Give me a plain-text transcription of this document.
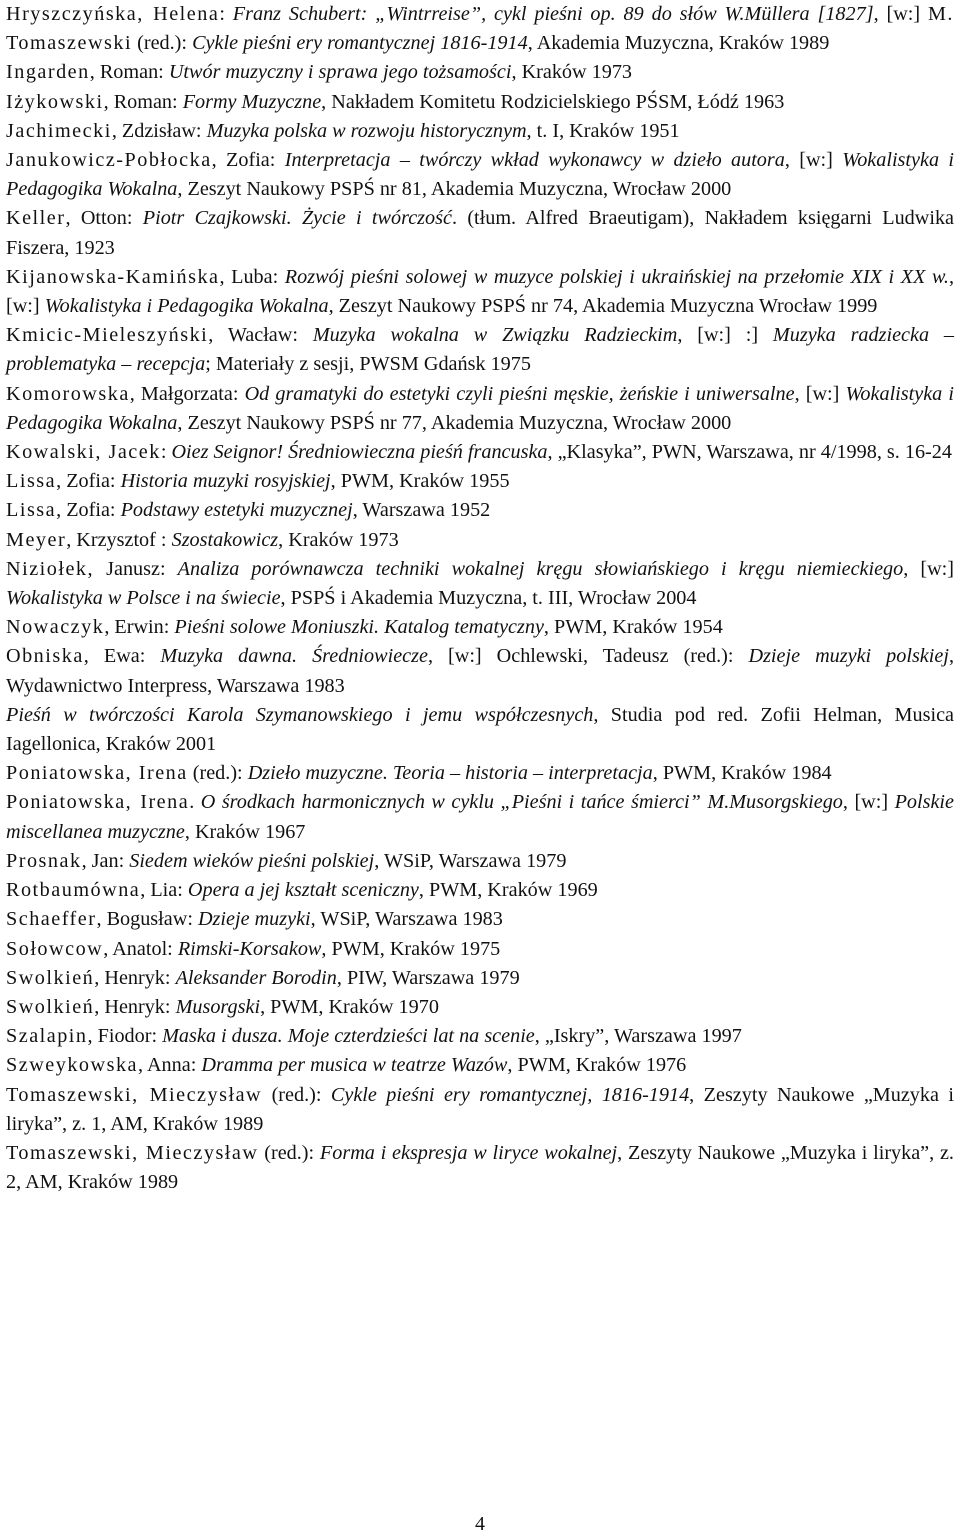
Hryszczyńska, Helena: Franz Schubert: „Wintrreise”, cykl pieśni op. 89 do słów W.Müllera [1827], [w:] M. Tomaszewski (red.): Cykle pieśni ery romantycznej 1816-1914, Akademia Muzyczna, Kraków 1989

Ingarden, Roman: Utwór muzyczny i sprawa jego tożsamości, Kraków 1973

Iżykowski, Roman: Formy Muzyczne, Nakładem Komitetu Rodzicielskiego PŚSM, Łódź 1963

Jachimecki, Zdzisław: Muzyka polska w rozwoju historycznym, t. I, Kraków 1951

Janukowicz-Pobłocka, Zofia: Interpretacja – twórczy wkład wykonawcy w dzieło autora, [w:] Wokalistyka i Pedagogika Wokalna, Zeszyt Naukowy PSPŚ nr 81, Akademia Muzyczna, Wrocław 2000

Keller, Otton: Piotr Czajkowski. Życie i twórczość. (tłum. Alfred Braeutigam), Nakładem księgarni Ludwika Fiszera, 1923

Kijanowska-Kamińska, Luba: Rozwój pieśni solowej w muzyce polskiej i ukraińskiej na przełomie XIX i XX w., [w:] Wokalistyka i Pedagogika Wokalna, Zeszyt Naukowy PSPŚ nr 74, Akademia Muzyczna Wrocław 1999

Kmicic-Mieleszyński, Wacław: Muzyka wokalna w Związku Radzieckim, [w:] :] Muzyka radziecka – problematyka – recepcja; Materiały z sesji, PWSM Gdańsk 1975

Komorowska, Małgorzata: Od gramatyki do estetyki czyli pieśni męskie, żeńskie i uniwersalne, [w:] Wokalistyka i Pedagogika Wokalna, Zeszyt Naukowy PSPŚ nr 77, Akademia Muzyczna, Wrocław 2000

Kowalski, Jacek: Oiez Seignor! Średniowieczna pieśń francuska, „Klasyka”, PWN, Warszawa, nr 4/1998, s. 16-24

Lissa, Zofia: Historia muzyki rosyjskiej, PWM, Kraków 1955

Lissa, Zofia: Podstawy estetyki muzycznej, Warszawa 1952

Meyer, Krzysztof : Szostakowicz, Kraków 1973

Niziołek, Janusz: Analiza porównawcza techniki wokalnej kręgu słowiańskiego i kręgu niemieckiego, [w:] Wokalistyka w Polsce i na świecie, PSPŚ i Akademia Muzyczna, t. III, Wrocław 2004

Nowaczyk, Erwin: Pieśni solowe Moniuszki. Katalog tematyczny, PWM, Kraków 1954

Obniska, Ewa: Muzyka dawna. Średniowiecze, [w:] Ochlewski, Tadeusz (red.): Dzieje muzyki polskiej, Wydawnictwo Interpress, Warszawa 1983

Pieśń w twórczości Karola Szymanowskiego i jemu współczesnych, Studia pod red. Zofii Helman, Musica Iagellonica, Kraków 2001

Poniatowska, Irena (red.): Dzieło muzyczne. Teoria – historia – interpretacja, PWM, Kraków 1984

Poniatowska, Irena. O środkach harmonicznych w cyklu „Pieśni i tańce śmierci” M.Musorgskiego, [w:] Polskie miscellanea muzyczne, Kraków 1967

Prosnak, Jan: Siedem wieków pieśni polskiej, WSiP, Warszawa 1979

Rotbaumówna, Lia: Opera a jej kształt sceniczny, PWM, Kraków 1969

Schaeffer, Bogusław: Dzieje muzyki, WSiP, Warszawa 1983

Sołowcow, Anatol: Rimski-Korsakow, PWM, Kraków 1975

Swolkień, Henryk: Aleksander Borodin, PIW, Warszawa 1979

Swolkień, Henryk: Musorgski, PWM, Kraków 1970

Szalapin, Fiodor: Maska i dusza. Moje czterdzieści lat na scenie, „Iskry”, Warszawa 1997

Szweykowska, Anna: Dramma per musica w teatrze Wazów, PWM, Kraków 1976

Tomaszewski, Mieczysław (red.): Cykle pieśni ery romantycznej, 1816-1914, Zeszyty Naukowe „Muzyka i liryka”, z. 1, AM, Kraków 1989

Tomaszewski, Mieczysław (red.): Forma i ekspresja w liryce wokalnej, Zeszyty Naukowe „Muzyka i liryka”, z. 2, AM, Kraków 1989

4
